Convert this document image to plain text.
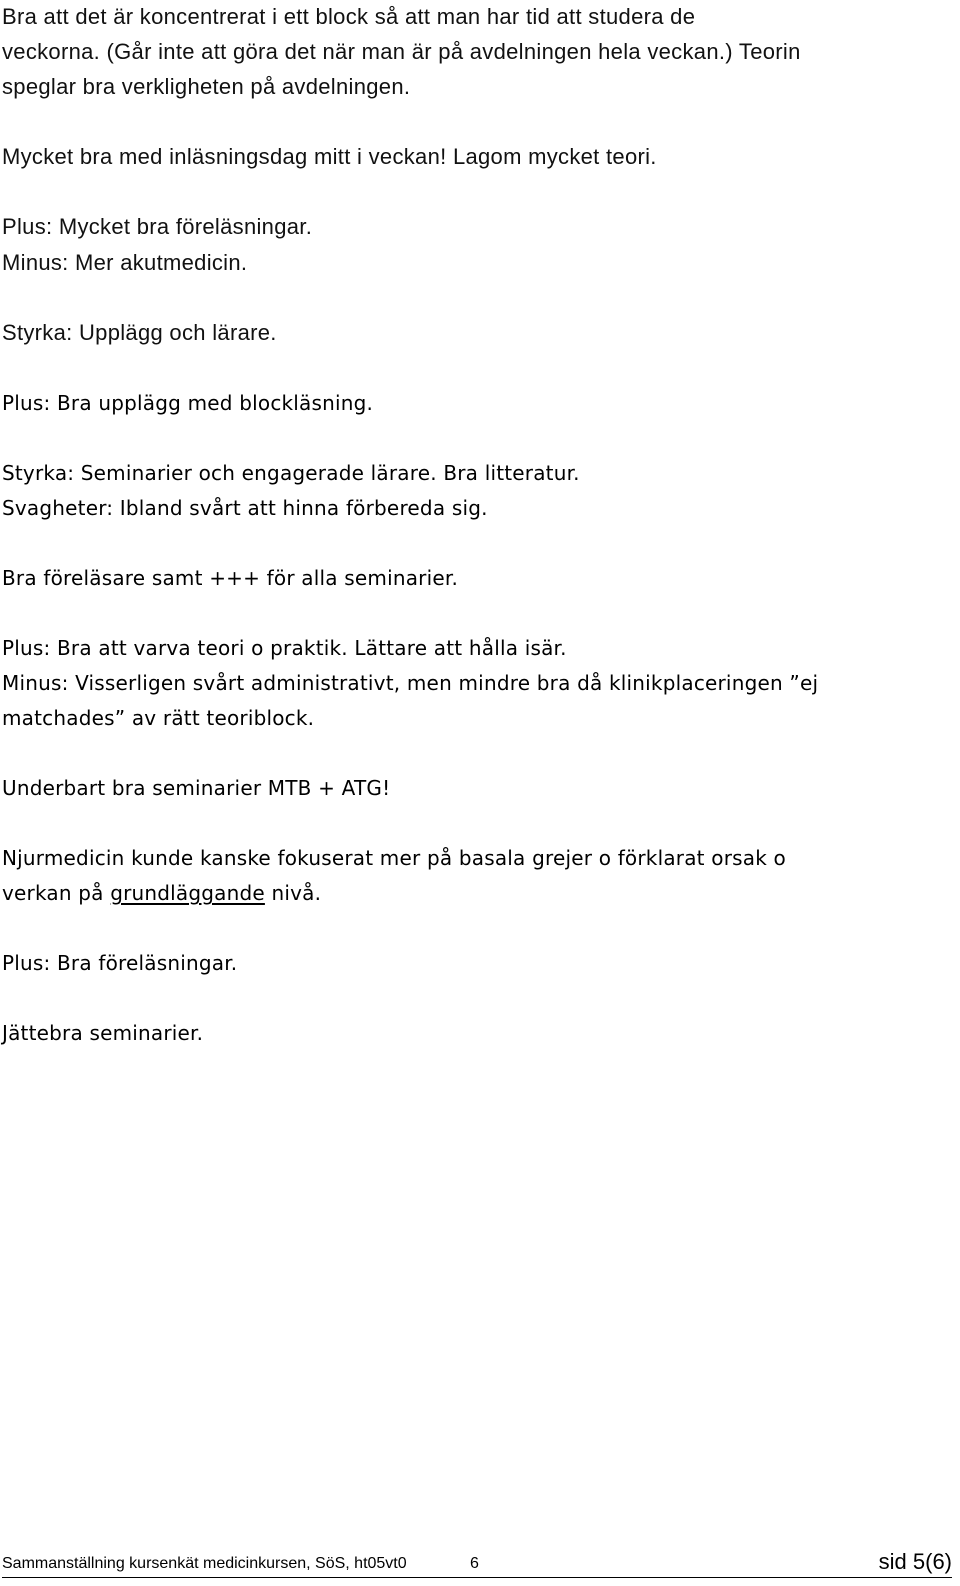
Bra att det är koncentrerat i ett block så att man har tid att studera de
veckorna. (Går inte att göra det när man är på avdelningen hela veckan.) Teorin
speglar bra verkligheten på avdelningen.
Mycket bra med inläsningsdag mitt i veckan! Lagom mycket teori.
Plus: Mycket bra föreläsningar.
Minus: Mer akutmedicin.
Styrka: Upplägg och lärare.
Plus: Bra upplägg med blockläsning.
Styrka: Seminarier och engagerade lärare. Bra litteratur.
Svagheter: Ibland svårt att hinna förbereda sig.
Bra föreläsare samt +++ för alla seminarier.
Plus: Bra att varva teori o praktik. Lättare att hålla isär.
Minus: Visserligen svårt administrativt, men mindre bra då klinikplaceringen ”ej
matchades” av rätt teoriblock.
Underbart bra seminarier MTB + ATG!
Njurmedicin kunde kanske fokuserat mer på basala grejer o förklarat orsak o
verkan på grundläggande nivå.
Plus: Bra föreläsningar.
Jättebra seminarier.
Sammanställning kursenkät medicinkursen, SöS, ht05vt0	6	sid 5(6)
